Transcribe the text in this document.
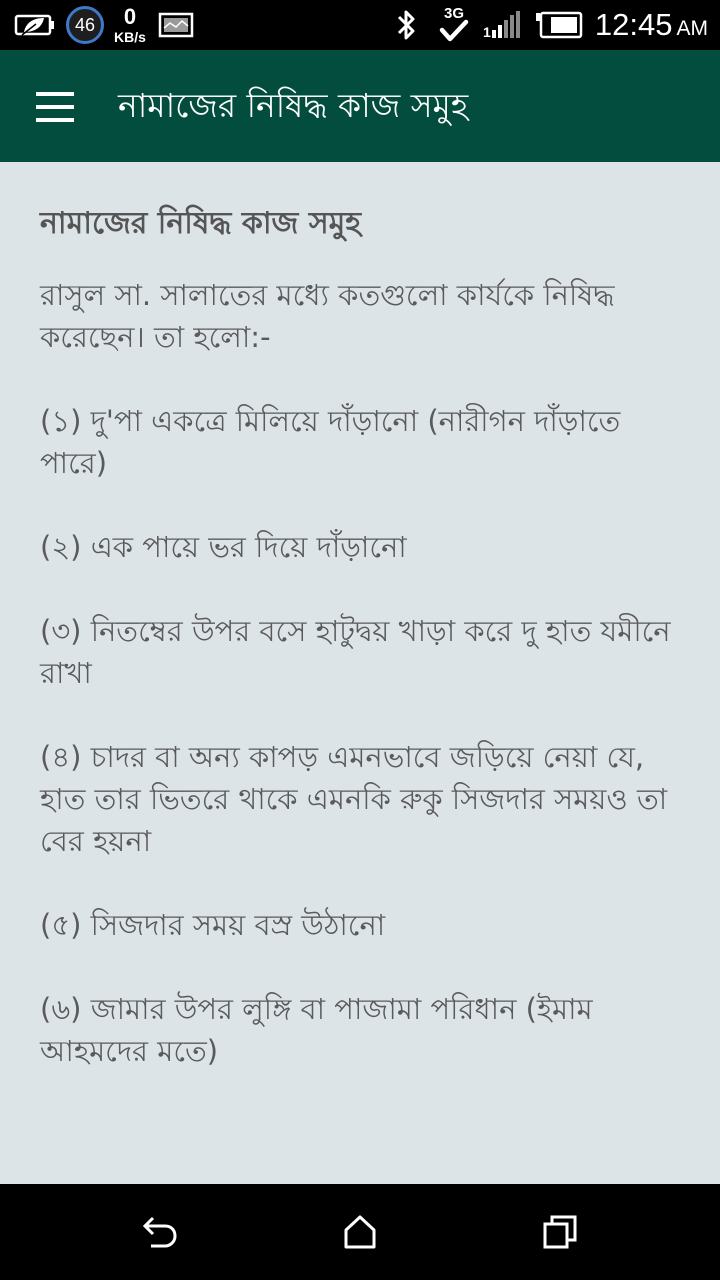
46	0
KB/s
3G
1	12:45 AM
নামাজের নিষিদ্ধ কাজ সমুহ
নামাজের নিষিদ্ধ কাজ সমুহ

রাসুল সা. সালাতের মধ্যে কতগুলো কার্যকে নিষিদ্ধ করেছেন। তা হলো:-

(১) দু'পা একত্রে মিলিয়ে দাঁড়ানো (নারীগন দাঁড়াতে পারে)

(২) এক পায়ে ভর দিয়ে দাঁড়ানো

(৩) নিতম্বের উপর বসে হাটুদ্বয় খাড়া করে দু হাত যমীনে রাখা

(৪) চাদর বা অন্য কাপড় এমনভাবে জড়িয়ে নেয়া যে, হাত তার ভিতরে থাকে এমনকি রুকু সিজদার সময়ও তা বের হয়না

(৫) সিজদার সময় বস্র উঠানো

(৬) জামার উপর লুঙ্গি বা পাজামা পরিধান (ইমাম আহমদের মতে)
